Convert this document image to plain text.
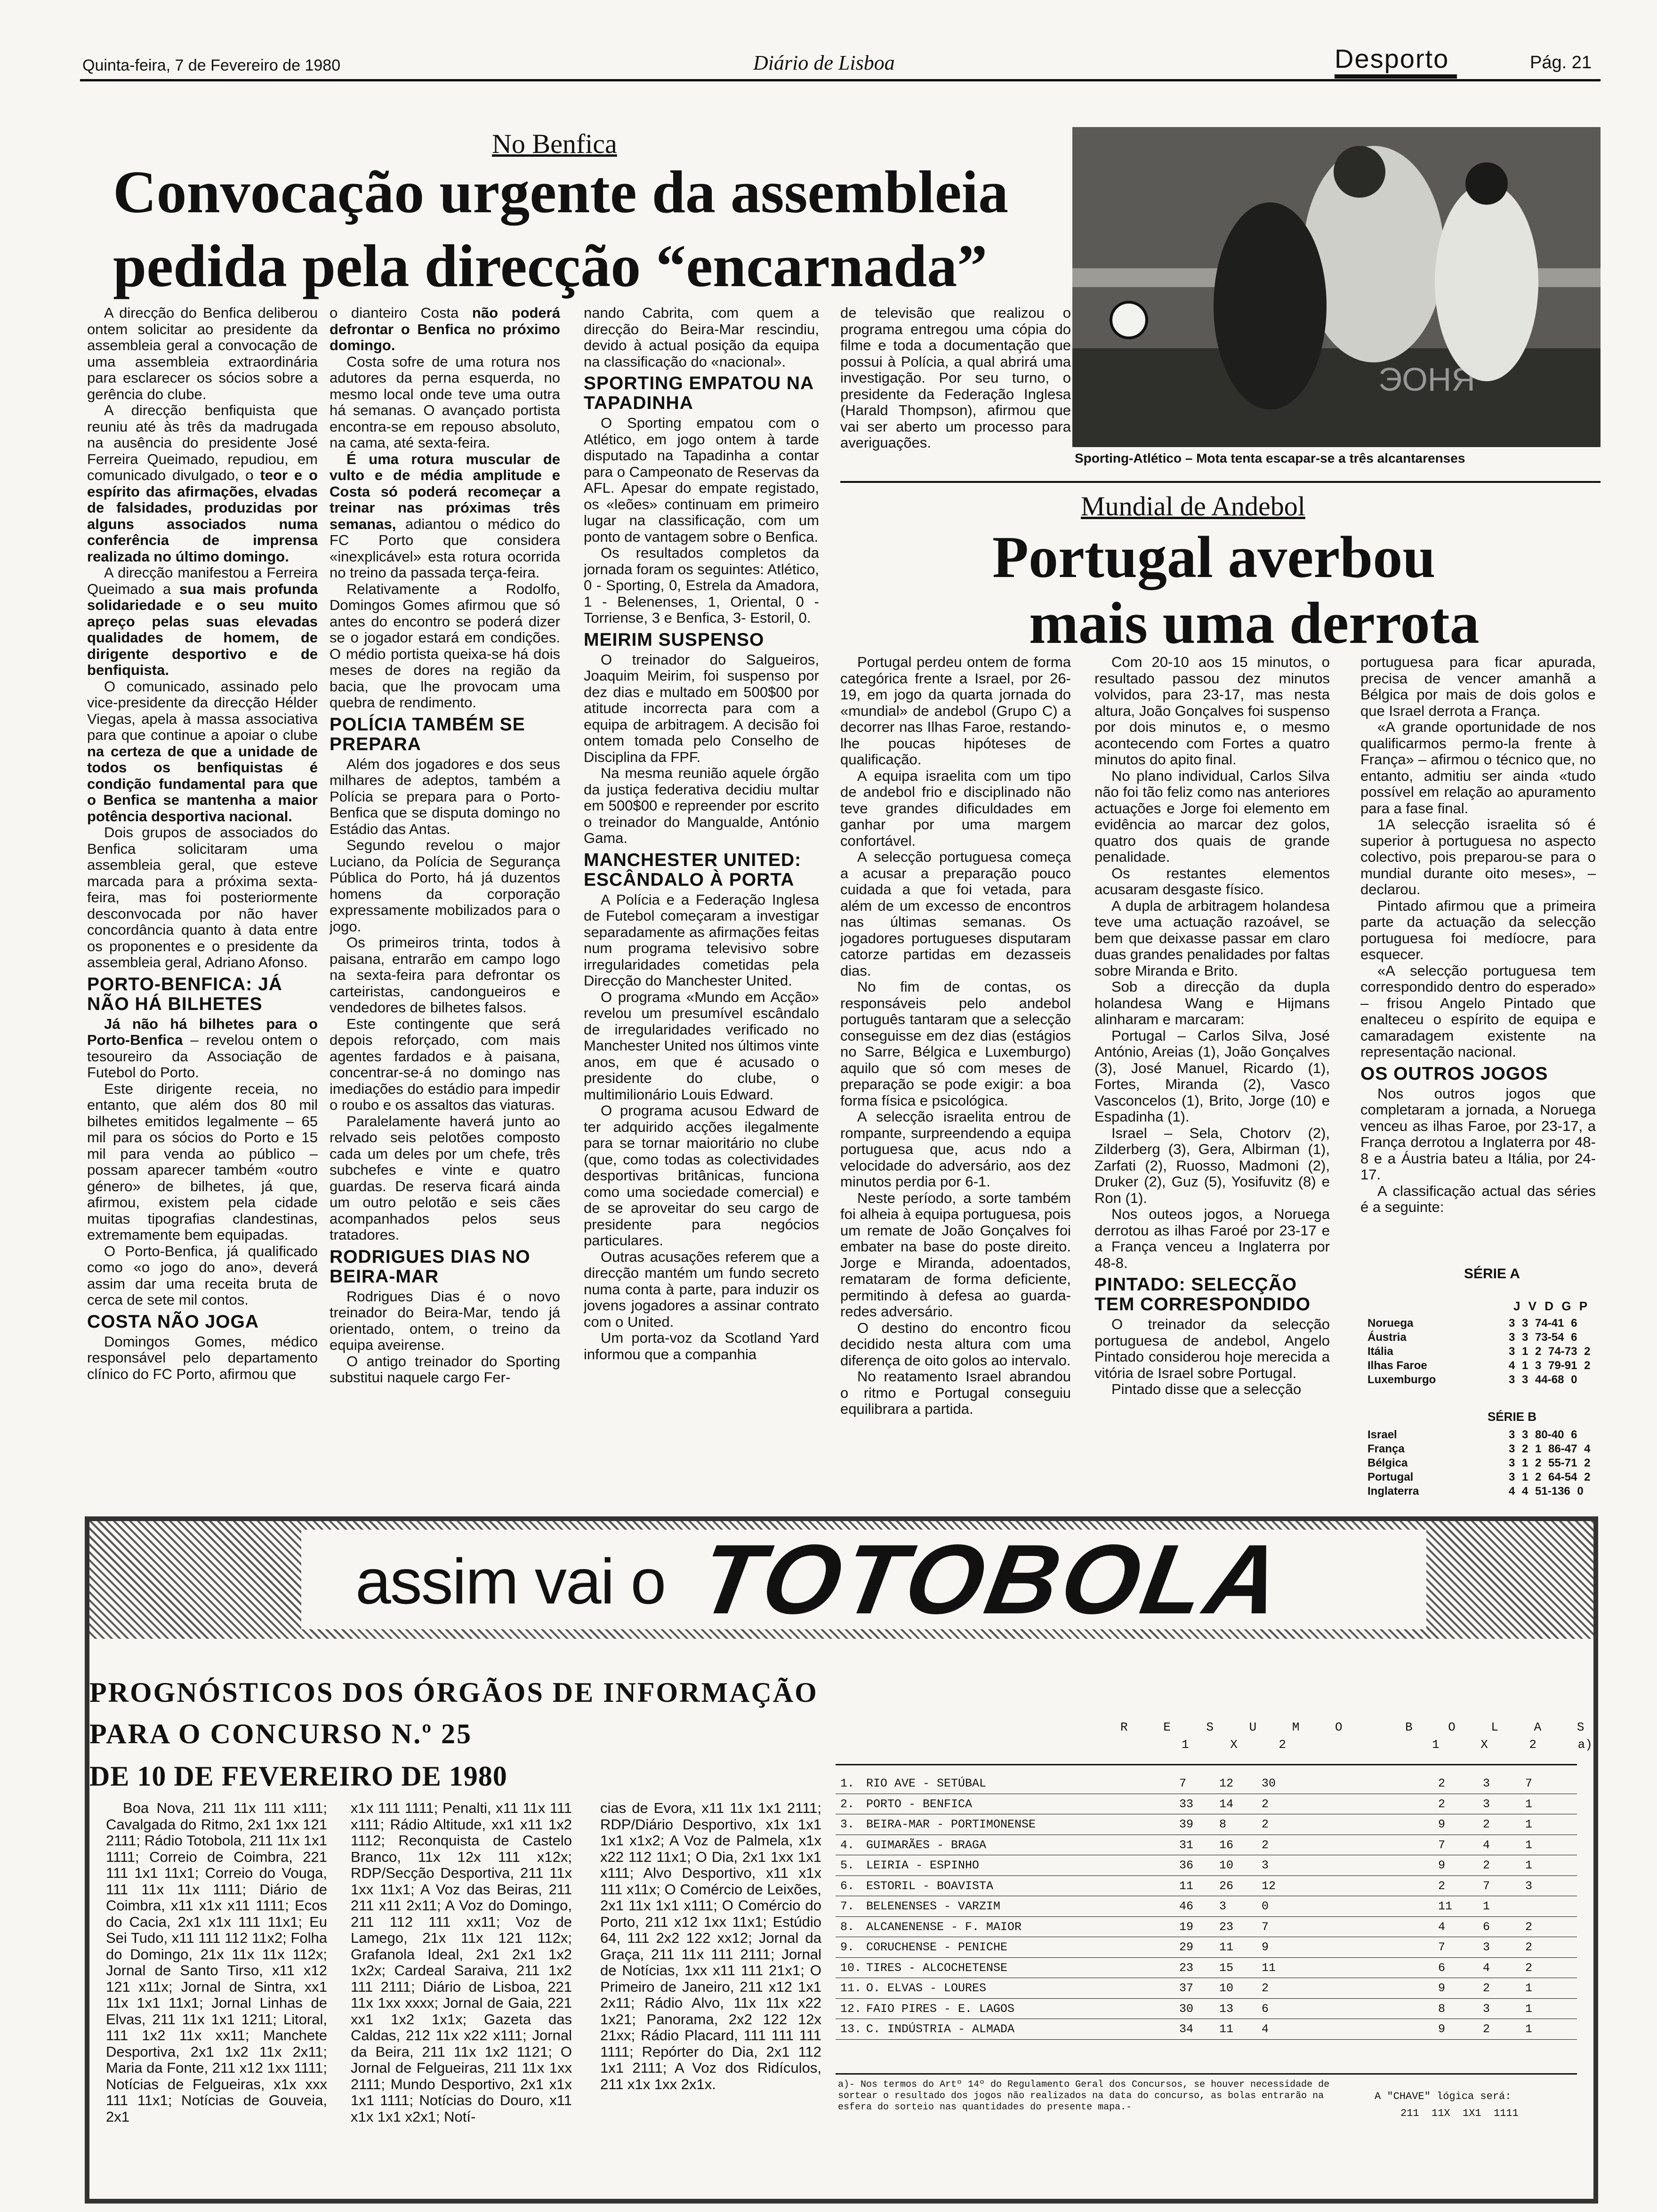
Quinta-feira, 7 de Fevereiro de 1980	Diário de Lisboa	Desporto	Pág. 21
No Benfica
Convocação urgente da assembleia
pedida pela direcção “encarnada”
ЭОНЯ
Sporting-Atlético – Mota tenta escapar-se a três alcantarenses

A direcção do Benfica deliberou ontem solicitar ao presidente da assembleia geral a convocação de uma assembleia extraordinária para esclarecer os sócios sobre a gerência do clube.

A direcção benfiquista que reuniu até às três da madrugada na ausência do presidente José Ferreira Queimado, repudiou, em comunicado divulgado, o teor e o espírito das afirmações, elvadas de falsidades, produzidas por alguns associados numa conferência de imprensa realizada no último domingo.

A direcção manifestou a Ferreira Queimado a sua mais profunda solidariedade e o seu muito apreço pelas suas elevadas qualidades de homem, de dirigente desportivo e de benfiquista.

O comunicado, assinado pelo vice-presidente da direcção Hélder Viegas, apela à massa associativa para que continue a apoiar o clube na certeza de que a unidade de todos os benfiquistas é condição fundamental para que o Benfica se mantenha a maior potência desportiva nacional.

Dois grupos de associados do Benfica solicitaram uma assembleia geral, que esteve marcada para a próxima sexta-feira, mas foi posteriormente desconvocada por não haver concordância quanto à data entre os proponentes e o presidente da assembleia geral, Adriano Afonso.

PORTO-BENFICA: JÁ NÃO HÁ BILHETES

Já não há bilhetes para o Porto-Benfica – revelou ontem o tesoureiro da Associação de Futebol do Porto.

Este dirigente receia, no entanto, que além dos 80 mil bilhetes emitidos legalmente – 65 mil para os sócios do Porto e 15 mil para venda ao público – possam aparecer também «outro género» de bilhetes, já que, afirmou, existem pela cidade muitas tipografias clandestinas, extremamente bem equipadas.

O Porto-Benfica, já qualificado como «o jogo do ano», deverá assim dar uma receita bruta de cerca de sete mil contos.

COSTA NÃO JOGA

Domingos Gomes, médico responsável pelo departamento clínico do FC Porto, afirmou que

o dianteiro Costa não poderá defrontar o Benfica no próximo domingo.

Costa sofre de uma rotura nos adutores da perna esquerda, no mesmo local onde teve uma outra há semanas. O avançado portista encontra-se em repouso absoluto, na cama, até sexta-feira.

É uma rotura muscular de vulto e de média amplitude e Costa só poderá recomeçar a treinar nas próximas três semanas, adiantou o médico do FC Porto que considera «inexplicável» esta rotura ocorrida no treino da passada terça-feira.

Relativamente a Rodolfo, Domingos Gomes afirmou que só antes do encontro se poderá dizer se o jogador estará em condições. O médio portista queixa-se há dois meses de dores na região da bacia, que lhe provocam uma quebra de rendimento.

POLÍCIA TAMBÉM SE PREPARA

Além dos jogadores e dos seus milhares de adeptos, também a Polícia se prepara para o Porto-Benfica que se disputa domingo no Estádio das Antas.

Segundo revelou o major Luciano, da Polícia de Segurança Pública do Porto, há já duzentos homens da corporação expressamente mobilizados para o jogo.

Os primeiros trinta, todos à paisana, entrarão em campo logo na sexta-feira para defrontar os carteiristas, candongueiros e vendedores de bilhetes falsos.

Este contingente que será depois reforçado, com mais agentes fardados e à paisana, concentrar-se-á no domingo nas imediações do estádio para impedir o roubo e os assaltos das viaturas.

Paralelamente haverá junto ao relvado seis pelotões composto cada um deles por um chefe, três subchefes e vinte e quatro guardas. De reserva ficará ainda um outro pelotão e seis cães acompanhados pelos seus tratadores.

RODRIGUES DIAS NO BEIRA-MAR

Rodrigues Dias é o novo treinador do Beira-Mar, tendo já orientado, ontem, o treino da equipa aveirense.

O antigo treinador do Sporting substitui naquele cargo Fer-

nando Cabrita, com quem a direcção do Beira-Mar rescindiu, devido à actual posição da equipa na classificação do «nacional».

SPORTING EMPATOU NA TAPADINHA

O Sporting empatou com o Atlético, em jogo ontem à tarde disputado na Tapadinha a contar para o Campeonato de Reservas da AFL. Apesar do empate registado, os «leões» continuam em primeiro lugar na classificação, com um ponto de vantagem sobre o Benfica.

Os resultados completos da jornada foram os seguintes: Atlético, 0 - Sporting, 0, Estrela da Amadora, 1 - Belenenses, 1, Oriental, 0 - Torriense, 3 e Benfica, 3- Estoril, 0.

MEIRIM SUSPENSO

O treinador do Salgueiros, Joaquim Meirim, foi suspenso por dez dias e multado em 500$00 por atitude incorrecta para com a equipa de arbitragem. A decisão foi ontem tomada pelo Conselho de Disciplina da FPF.

Na mesma reunião aquele órgão da justiça federativa decidiu multar em 500$00 e repreender por escrito o treinador do Mangualde, António Gama.

MANCHESTER UNITED: ESCÂNDALO À PORTA

A Polícia e a Federação Inglesa de Futebol começaram a investigar separadamente as afirmações feitas num programa televisivo sobre irregularidades cometidas pela Direcção do Manchester United.

O programa «Mundo em Acção» revelou um presumível escândalo de irregularidades verificado no Manchester United nos últimos vinte anos, em que é acusado o presidente do clube, o multimilionário Louis Edward.

O programa acusou Edward de ter adquirido acções ilegalmente para se tornar maioritário no clube (que, como todas as colectividades desportivas britânicas, funciona como uma sociedade comercial) e de se aproveitar do seu cargo de presidente para negócios particulares.

Outras acusações referem que a direcção mantém um fundo secreto numa conta à parte, para induzir os jovens jogadores a assinar contrato com o United.

Um porta-voz da Scotland Yard informou que a companhia

de televisão que realizou o programa entregou uma cópia do filme e toda a documentação que possui à Polícia, a qual abrirá uma investigação. Por seu turno, o presidente da Federação Inglesa (Harald Thompson), afirmou que vai ser aberto um processo para averiguações.

Mundial de Andebol
Portugal averbou
mais uma derrota

Portugal perdeu ontem de forma categórica frente a Israel, por 26-19, em jogo da quarta jornada do «mundial» de andebol (Grupo C) a decorrer nas Ilhas Faroe, restando-lhe poucas hipóteses de qualificação.

A equipa israelita com um tipo de andebol frio e disciplinado não teve grandes dificuldades em ganhar por uma margem confortável.

A selecção portuguesa começa a acusar a preparação pouco cuidada a que foi vetada, para além de um excesso de encontros nas últimas semanas. Os jogadores portugueses disputaram catorze partidas em dezasseis dias.

No fim de contas, os responsáveis pelo andebol português tantaram que a selecção conseguisse em dez dias (estágios no Sarre, Bélgica e Luxemburgo) aquilo que só com meses de preparação se pode exigir: a boa forma física e psicológica.

A selecção israelita entrou de rompante, surpreendendo a equipa portuguesa que, acus ndo a velocidade do adversário, aos dez minutos perdia por 6-1.

Neste período, a sorte também foi alheia à equipa portuguesa, pois um remate de João Gonçalves foi embater na base do poste direito. Jorge e Miranda, adoentados, remataram de forma deficiente, permitindo à defesa ao guarda-redes adversário.

O destino do encontro ficou decidido nesta altura com uma diferença de oito golos ao intervalo.

No reatamento Israel abrandou o ritmo e Portugal conseguiu equilibrara a partida.

Com 20-10 aos 15 minutos, o resultado passou dez minutos volvidos, para 23-17, mas nesta altura, João Gonçalves foi suspenso por dois minutos e, o mesmo acontecendo com Fortes a quatro minutos do apito final.

No plano individual, Carlos Silva não foi tão feliz como nas anteriores actuações e Jorge foi elemento em evidência ao marcar dez golos, quatro dos quais de grande penalidade.

Os restantes elementos acusaram desgaste físico.

A dupla de arbitragem holandesa teve uma actuação razoável, se bem que deixasse passar em claro duas grandes penalidades por faltas sobre Miranda e Brito.

Sob a direcção da dupla holandesa Wang e Hijmans alinharam e marcaram:

Portugal – Carlos Silva, José António, Areias (1), João Gonçalves (3), José Manuel, Ricardo (1), Fortes, Miranda (2), Vasco Vasconcelos (1), Brito, Jorge (10) e Espadinha (1).

Israel – Sela, Chotorv (2), Zilderberg (3), Gera, Albirman (1), Zarfati (2), Ruosso, Madmoni (2), Druker (2), Guz (5), Yosifuvitz (8) e Ron (1).

Nos outeos jogos, a Noruega derrotou as ilhas Faroé por 23-17 e a França venceu a Inglaterra por 48-8.

PINTADO: SELECÇÃO TEM CORRESPONDIDO

O treinador da selecção portuguesa de andebol, Angelo Pintado considerou hoje merecida a vitória de Israel sobre Portugal.

Pintado disse que a selecção

portuguesa para ficar apurada, precisa de vencer amanhã a Bélgica por mais de dois golos e que Israel derrota a França.

«A grande oportunidade de nos qualificarmos permo-la frente à França» – afirmou o técnico que, no entanto, admitiu ser ainda «tudo possível em relação ao apuramento para a fase final.

1A selecção israelita só é superior à portuguesa no aspecto colectivo, pois preparou-se para o mundial durante oito meses», – declarou.

Pintado afirmou que a primeira parte da actuação da selecção portuguesa foi medíocre, para esquecer.

«A selecção portuguesa tem correspondido dentro do esperado» – frisou Angelo Pintado que enalteceu o espírito de equipa e camaradagem existente na representação nacional.

OS OUTROS JOGOS

Nos outros jogos que completaram a jornada, a Noruega venceu as ilhas Faroe, por 23-17, a França derrotou a Inglaterra por 48-8 e a Áustria bateu a Itália, por 24-17.

A classificação actual das séries é a seguinte:

SÉRIE A
J V D G P
Noruega	3 3 74-41 6
Áustria	3 3 73-54 6
Itália	3 1 2 74-73 2
Ilhas Faroe	4 1 3 79-91 2
Luxemburgo	3 3 44-68 0
SÉRIE B
Israel	3 3 80-40 6
França	3 2 1 86-47 4
Bélgica	3 1 2 55-71 2
Portugal	3 1 2 64-54 2
Inglaterra	4 4 51-136 0
assim vai o TOTOBOLA
PROGNÓSTICOS DOS ÓRGÃOS DE INFORMAÇÃO
PARA O CONCURSO N.º 25
DE 10 DE FEVEREIRO DE 1980

Boa Nova, 211 11x 111 x111; Cavalgada do Ritmo, 2x1 1xx 121 2111; Rádio Totobola, 211 11x 1x1 1111; Correio de Coimbra, 221 111 1x1 11x1; Correio do Vouga, 111 11x 11x 1111; Diário de Coimbra, x11 x1x x11 1111; Ecos do Cacia, 2x1 x1x 111 11x1; Eu Sei Tudo, x11 111 112 11x2; Folha do Domingo, 21x 11x 11x 112x; Jornal de Santo Tirso, x11 x12 121 x11x; Jornal de Sintra, xx1 11x 1x1 11x1; Jornal Linhas de Elvas, 211 11x 1x1 1211; Litoral, 111 1x2 11x xx11; Manchete Desportiva, 2x1 1x2 11x 2x11; Maria da Fonte, 211 x12 1xx 1111; Notícias de Felgueiras, x1x xxx 111 11x1; Notícias de Gouveia, 2x1

x1x 111 1111; Penalti, x11 11x 111 x111; Rádio Altitude, xx1 x11 1x2 1112; Reconquista de Castelo Branco, 11x 12x 111 x12x; RDP/Secção Desportiva, 211 11x 1xx 11x1; A Voz das Beiras, 211 211 x11 2x11; A Voz do Domingo, 211 112 111 xx11; Voz de Lamego, 21x 11x 121 112x; Grafanola Ideal, 2x1 2x1 1x2 1x2x; Cardeal Saraiva, 211 1x2 111 2111; Diário de Lisboa, 221 11x 1xx xxxx; Jornal de Gaia, 221 xx1 1x2 1x1x; Gazeta das Caldas, 212 11x x22 x111; Jornal da Beira, 211 11x 1x2 1121; O Jornal de Felgueiras, 211 11x 1xx 2111; Mundo Desportivo, 2x1 x1x 1x1 1111; Notícias do Douro, x11 x1x 1x1 x2x1; Notí-

cias de Evora, x11 11x 1x1 2111; RDP/Diário Desportivo, x1x 1x1 1x1 x1x2; A Voz de Palmela, x1x x22 112 11x1; O Dia, 2x1 1xx 1x1 x111; Alvo Desportivo, x11 x1x 111 x11x; O Comércio de Leixões, 2x1 11x 1x1 x111; O Comércio do Porto, 211 x12 1xx 11x1; Estúdio 64, 111 2x2 122 xx12; Jornal da Graça, 211 11x 111 2111; Jornal de Notícias, 1xx x11 111 21x1; O Primeiro de Janeiro, 211 x12 1x1 2x11; Rádio Alvo, 11x 11x x22 1x21; Panorama, 2x2 122 12x 21xx; Rádio Placard, 111 111 111 1111; Repórter do Dia, 2x1 112 1x1 2111; A Voz dos Ridículos, 211 x1x 1xx 2x1x.

R E S U M O	B O L A S
1 X 2	1 X 2 a)
1. RIO AVE - SETÚBAL	7	12 30	2	3	7
2. PORTO - BENFICA	33 14 2	2	3	1
3. BEIRA-MAR - PORTIMONENSE	39 8	2	9	2	1
4. GUIMARÃES - BRAGA	31 16 2	7	4	1
5. LEIRIA - ESPINHO	36 10 3	9	2	1
6. ESTORIL - BOAVISTA	11 26 12	2	7	3
7. BELENENSES - VARZIM	46 3	0	11	1
8. ALCANENENSE - F. MAIOR	19 23 7	4	6	2
9. CORUCHENSE - PENICHE	29 11 9	7	3	2
10. TIRES - ALCOCHETENSE	23 15 11	6	4	2
11. O. ELVAS - LOURES	37 10 2	9	2	1
12. FAIO PIRES - E. LAGOS	30 13 6	8	3	1
13. C. INDÚSTRIA - ALMADA	34 11 4	9	2	1
a)- Nos termos do Artº 14º do Regulamento Geral dos Concursos, se houver necessidade de sortear o resultado dos jogos não realizados na data do concurso, as bolas entrarão na esfera do sorteio nas quantidades do presente mapa.-
A "CHAVE" lógica será:
211  11X  1X1  1111
